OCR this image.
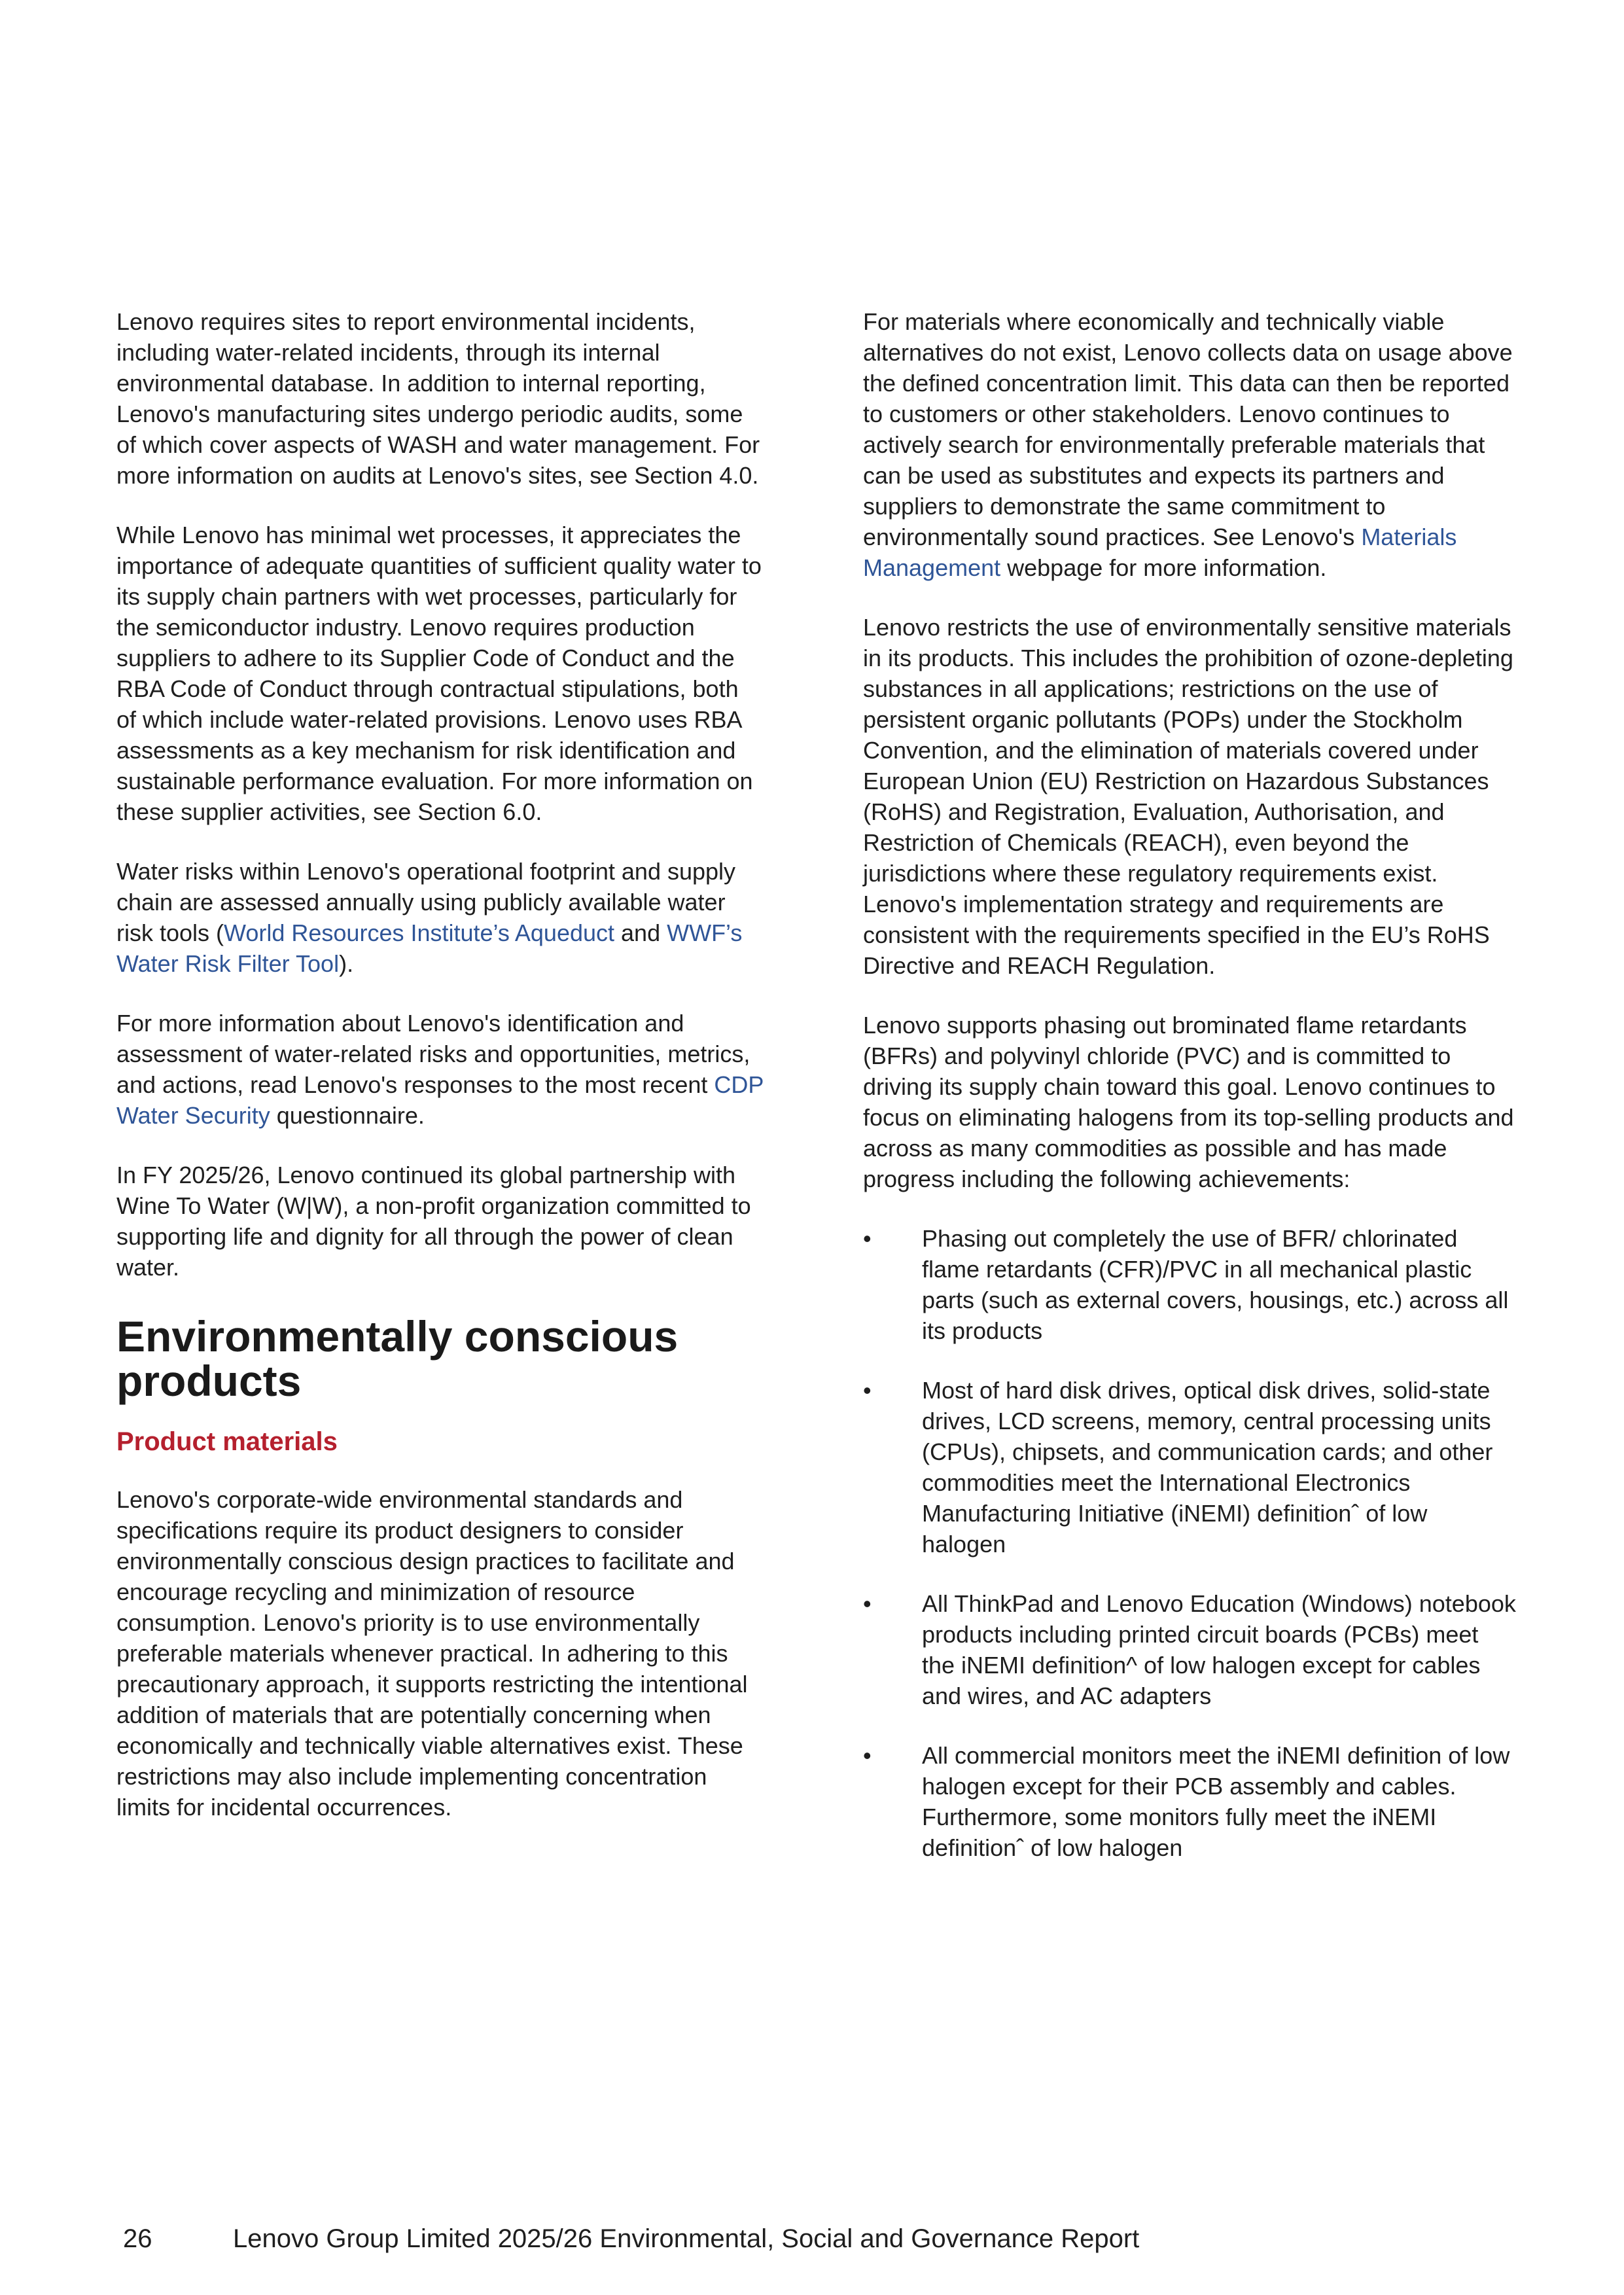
Lenovo requires sites to report environmental incidents, including water-related incidents, through its internal environmental database. In addition to internal reporting, Lenovo's manufacturing sites undergo periodic audits, some of which cover aspects of WASH and water management. For more information on audits at Lenovo's sites, see Section 4.0.

While Lenovo has minimal wet processes, it appreciates the importance of adequate quantities of sufficient quality water to its supply chain partners with wet processes, particularly for the semiconductor industry. Lenovo requires production suppliers to adhere to its Supplier Code of Conduct and the RBA Code of Conduct through contractual stipulations, both of which include water-related provisions. Lenovo uses RBA assessments as a key mechanism for risk identification and sustainable performance evaluation. For more information on these supplier activities, see Section 6.0.

Water risks within Lenovo's operational footprint and supply chain are assessed annually using publicly available water risk tools (World Resources Institute’s Aqueduct and WWF’s Water Risk Filter Tool).

For more information about Lenovo's identification and assessment of water-related risks and opportunities, metrics, and actions, read Lenovo's responses to the most recent CDP Water Security questionnaire.

In FY 2025/26, Lenovo continued its global partnership with Wine To Water (W|W), a non-profit organization committed to supporting life and dignity for all through the power of clean water.

Environmentally conscious products
Product materials

Lenovo's corporate-wide environmental standards and specifications require its product designers to consider environmentally conscious design practices to facilitate and encourage recycling and minimization of resource consumption. Lenovo's priority is to use environmentally preferable materials whenever practical. In adhering to this precautionary approach, it supports restricting the intentional addition of materials that are potentially concerning when economically and technically viable alternatives exist. These restrictions may also include implementing concentration limits for incidental occurrences.

For materials where economically and technically viable alternatives do not exist, Lenovo collects data on usage above the defined concentration limit. This data can then be reported to customers or other stakeholders. Lenovo continues to actively search for environmentally preferable materials that can be used as substitutes and expects its partners and suppliers to demonstrate the same commitment to environmentally sound practices. See Lenovo's Materials Management webpage for more information.

Lenovo restricts the use of environmentally sensitive materials in its products. This includes the prohibition of ozone-depleting substances in all applications; restrictions on the use of persistent organic pollutants (POPs) under the Stockholm Convention, and the elimination of materials covered under European Union (EU) Restriction on Hazardous Substances (RoHS) and Registration, Evaluation, Authorisation, and Restriction of Chemicals (REACH), even beyond the jurisdictions where these regulatory requirements exist. Lenovo's implementation strategy and requirements are consistent with the requirements specified in the EU’s RoHS Directive and REACH Regulation.

Lenovo supports phasing out brominated flame retardants (BFRs) and polyvinyl chloride (PVC) and is committed to driving its supply chain toward this goal. Lenovo continues to focus on eliminating halogens from its top-selling products and across as many commodities as possible and has made progress including the following achievements:

• Phasing out completely the use of BFR/ chlorinated flame retardants (CFR)/PVC in all mechanical plastic parts (such as external covers, housings, etc.) across all its products
• Most of hard disk drives, optical disk drives, solid-state drives, LCD screens, memory, central processing units (CPUs), chipsets, and communication cards; and other commodities meet the International Electronics Manufacturing Initiative (iNEMI) definitionˆ of low halogen
• All ThinkPad and Lenovo Education (Windows) notebook products including printed circuit boards (PCBs) meet the iNEMI definition^ of low halogen except for cables and wires, and AC adapters
• All commercial monitors meet the iNEMI definition of low halogen except for their PCB assembly and cables. Furthermore, some monitors fully meet the iNEMI definitionˆ of low halogen
26	Lenovo Group Limited 2025/26 Environmental, Social and Governance Report
